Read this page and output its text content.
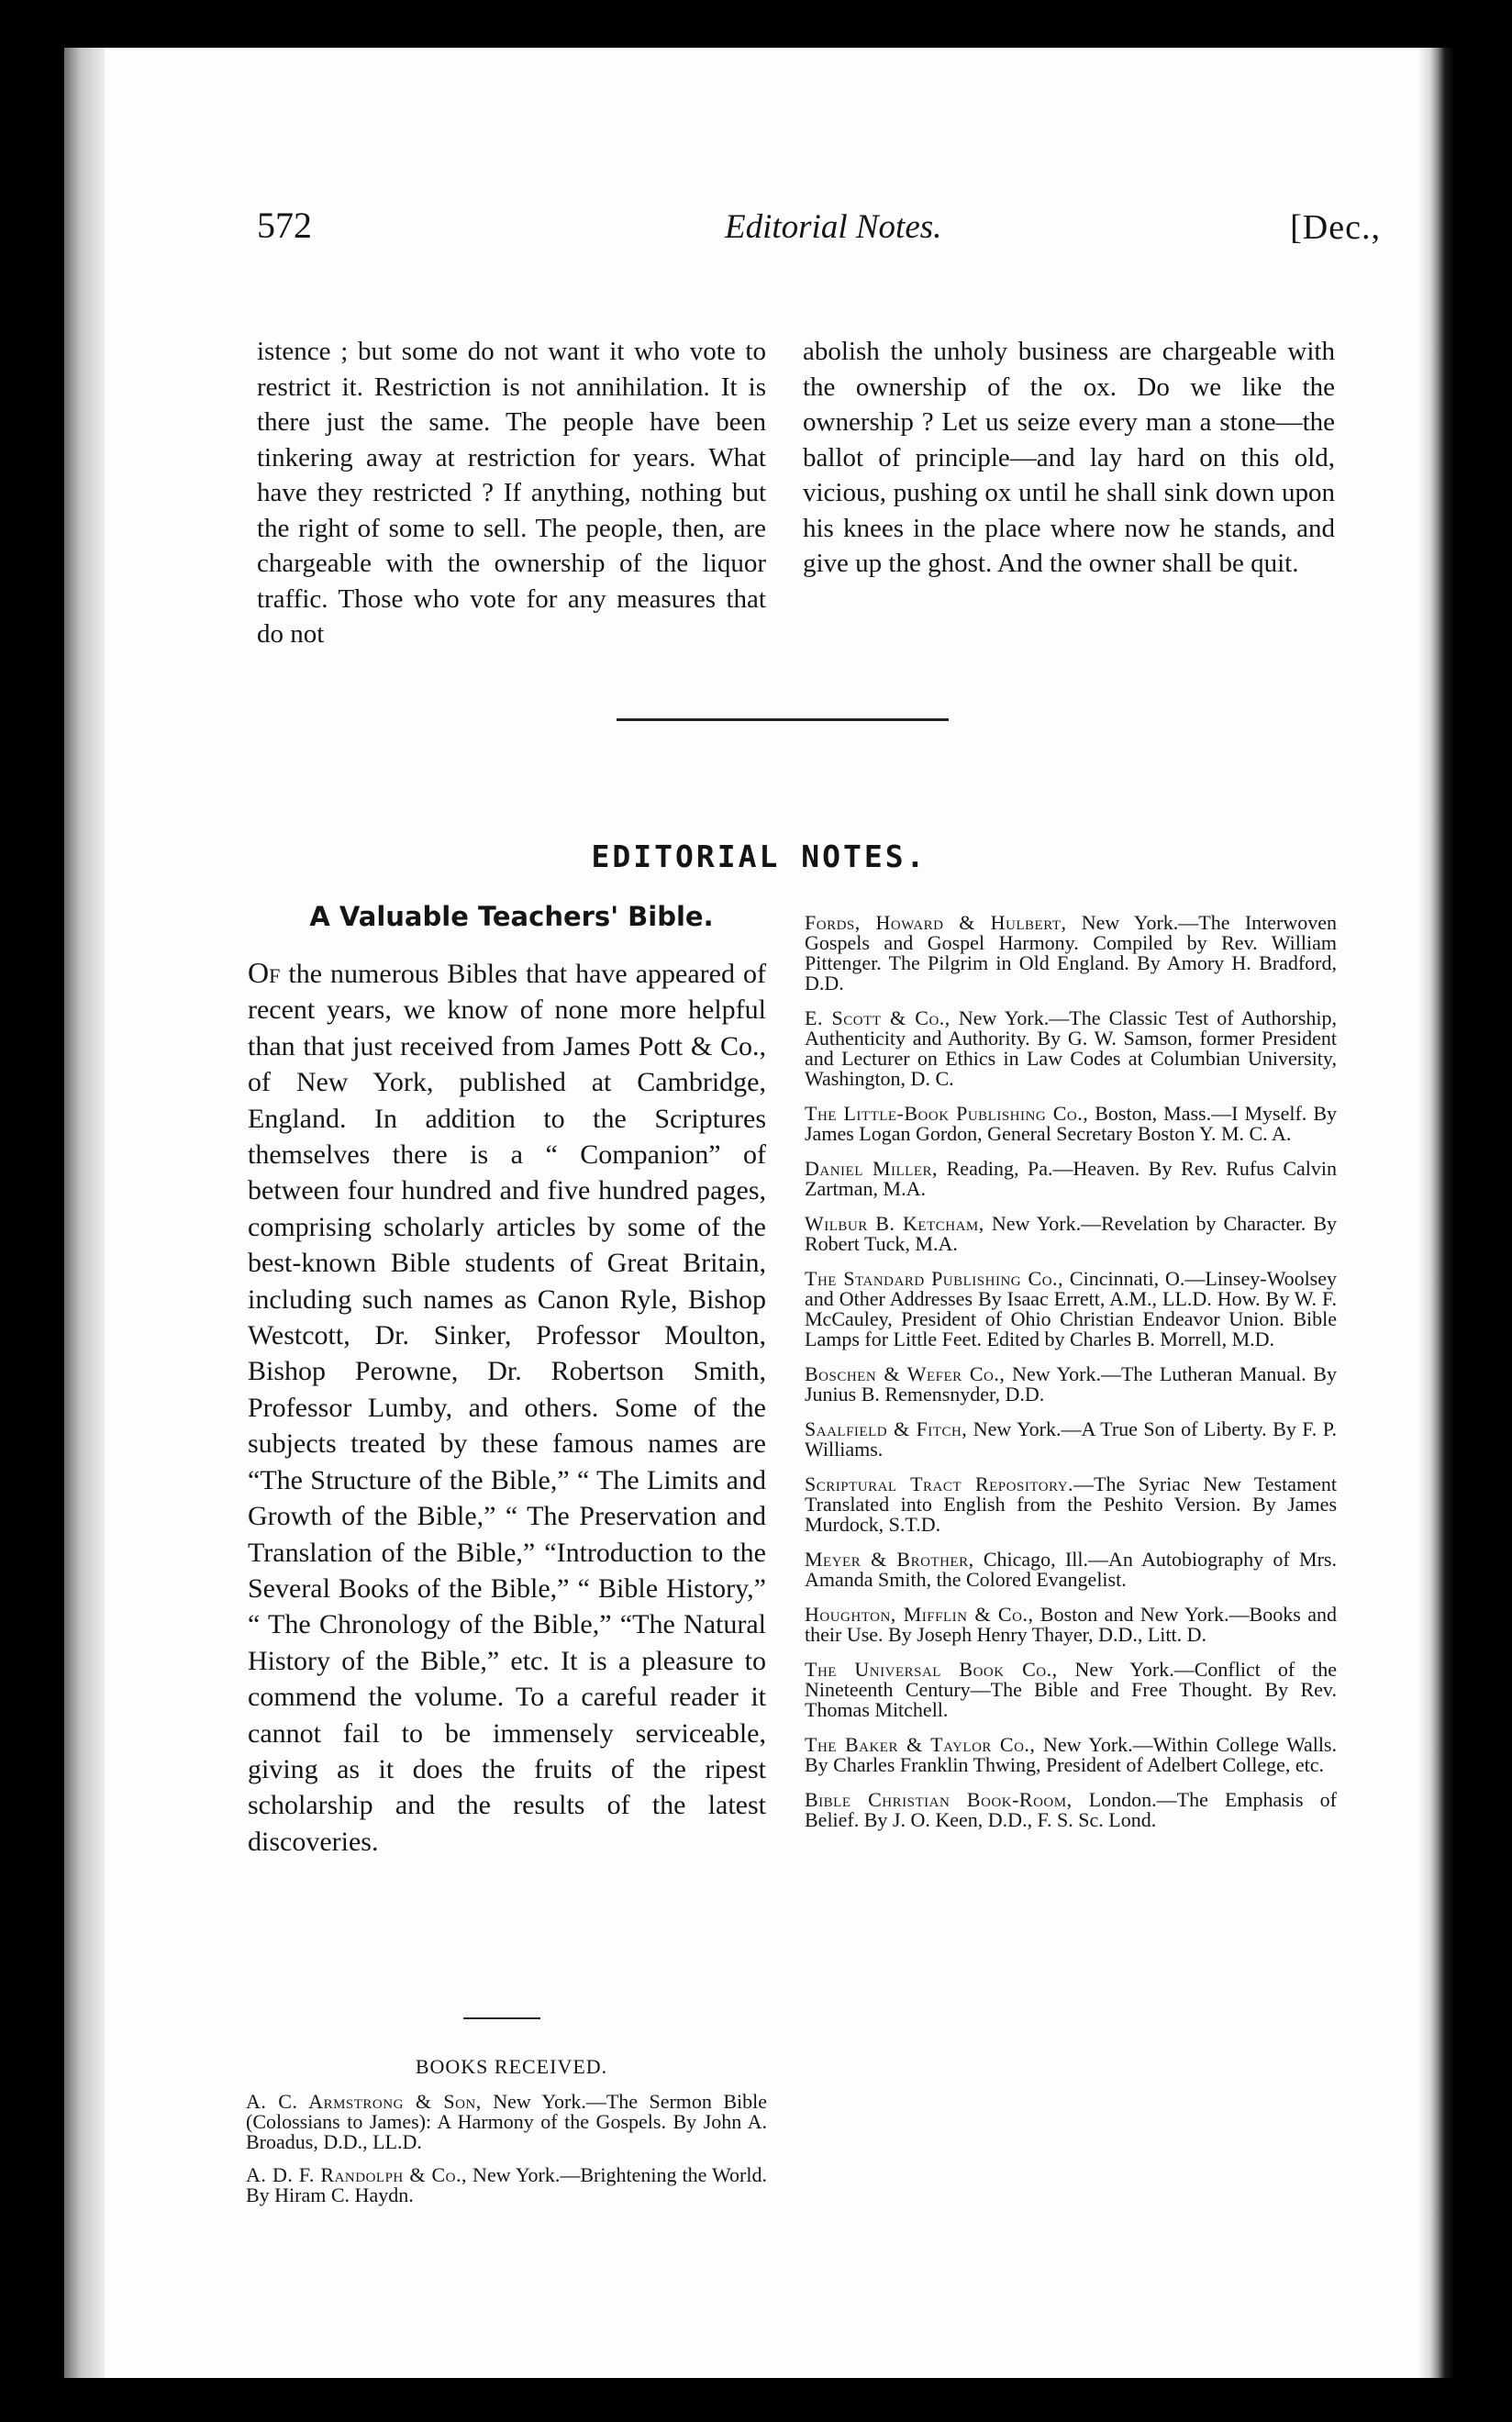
572	Editorial Notes.	[Dec.,

istence ; but some do not want it who vote to restrict it. Restriction is not annihilation. It is there just the same. The people have been tinkering away at restriction for years. What have they restricted ? If anything, nothing but the right of some to sell. The people, then, are chargeable with the ownership of the liquor traffic. Those who vote for any measures that do not

abolish the unholy business are chargeable with the ownership of the ox. Do we like the ownership ? Let us seize every man a stone—the ballot of principle—and lay hard on this old, vicious, pushing ox until he shall sink down upon his knees in the place where now he stands, and give up the ghost. And the owner shall be quit.

EDITORIAL NOTES.
A Valuable Teachers' Bible.
Of the numerous Bibles that have appeared of recent years, we know of none more helpful than that just received from James Pott & Co., of New York, published at Cambridge, England. In addition to the Scriptures themselves there is a “ Companion” of between four hundred and five hundred pages, comprising scholarly articles by some of the best-known Bible students of Great Britain, including such names as Canon Ryle, Bishop Westcott, Dr. Sinker, Professor Moulton, Bishop Perowne, Dr. Robertson Smith, Professor Lumby, and others. Some of the subjects treated by these famous names are “The Structure of the Bible,” “ The Limits and Growth of the Bible,” “ The Preservation and Translation of the Bible,” “Introduction to the Several Books of the Bible,” “ Bible History,” “ The Chronology of the Bible,” “The Natural History of the Bible,” etc. It is a pleasure to commend the volume. To a careful reader it cannot fail to be immensely serviceable, giving as it does the fruits of the ripest scholarship and the results of the latest discoveries.
BOOKS RECEIVED.
A. C. Armstrong & Son, New York.—The Sermon Bible (Colossians to James): A Harmony of the Gospels. By John A. Broadus, D.D., LL.D.
A. D. F. Randolph & Co., New York.—Brightening the World. By Hiram C. Haydn.
Fords, Howard & Hulbert, New York.—The Interwoven Gospels and Gospel Harmony. Compiled by Rev. William Pittenger. The Pilgrim in Old England. By Amory H. Bradford, D.D.
E. Scott & Co., New York.—The Classic Test of Authorship, Authenticity and Authority. By G. W. Samson, former President and Lecturer on Ethics in Law Codes at Columbian University, Washington, D. C.
The Little-Book Publishing Co., Boston, Mass.—I Myself. By James Logan Gordon, General Secretary Boston Y. M. C. A.
Daniel Miller, Reading, Pa.—Heaven. By Rev. Rufus Calvin Zartman, M.A.
Wilbur B. Ketcham, New York.—Revelation by Character. By Robert Tuck, M.A.
The Standard Publishing Co., Cincinnati, O.—Linsey-Woolsey and Other Addresses By Isaac Errett, A.M., LL.D. How. By W. F. McCauley, President of Ohio Christian Endeavor Union. Bible Lamps for Little Feet. Edited by Charles B. Morrell, M.D.
Boschen & Wefer Co., New York.—The Lutheran Manual. By Junius B. Remensnyder, D.D.
Saalfield & Fitch, New York.—A True Son of Liberty. By F. P. Williams.
Scriptural Tract Repository.—The Syriac New Testament Translated into English from the Peshito Version. By James Murdock, S.T.D.
Meyer & Brother, Chicago, Ill.—An Autobiography of Mrs. Amanda Smith, the Colored Evangelist.
Houghton, Mifflin & Co., Boston and New York.—Books and their Use. By Joseph Henry Thayer, D.D., Litt. D.
The Universal Book Co., New York.—Conflict of the Nineteenth Century—The Bible and Free Thought. By Rev. Thomas Mitchell.
The Baker & Taylor Co., New York.—Within College Walls. By Charles Franklin Thwing, President of Adelbert College, etc.
Bible Christian Book-Room, London.—The Emphasis of Belief. By J. O. Keen, D.D., F. S. Sc. Lond.
